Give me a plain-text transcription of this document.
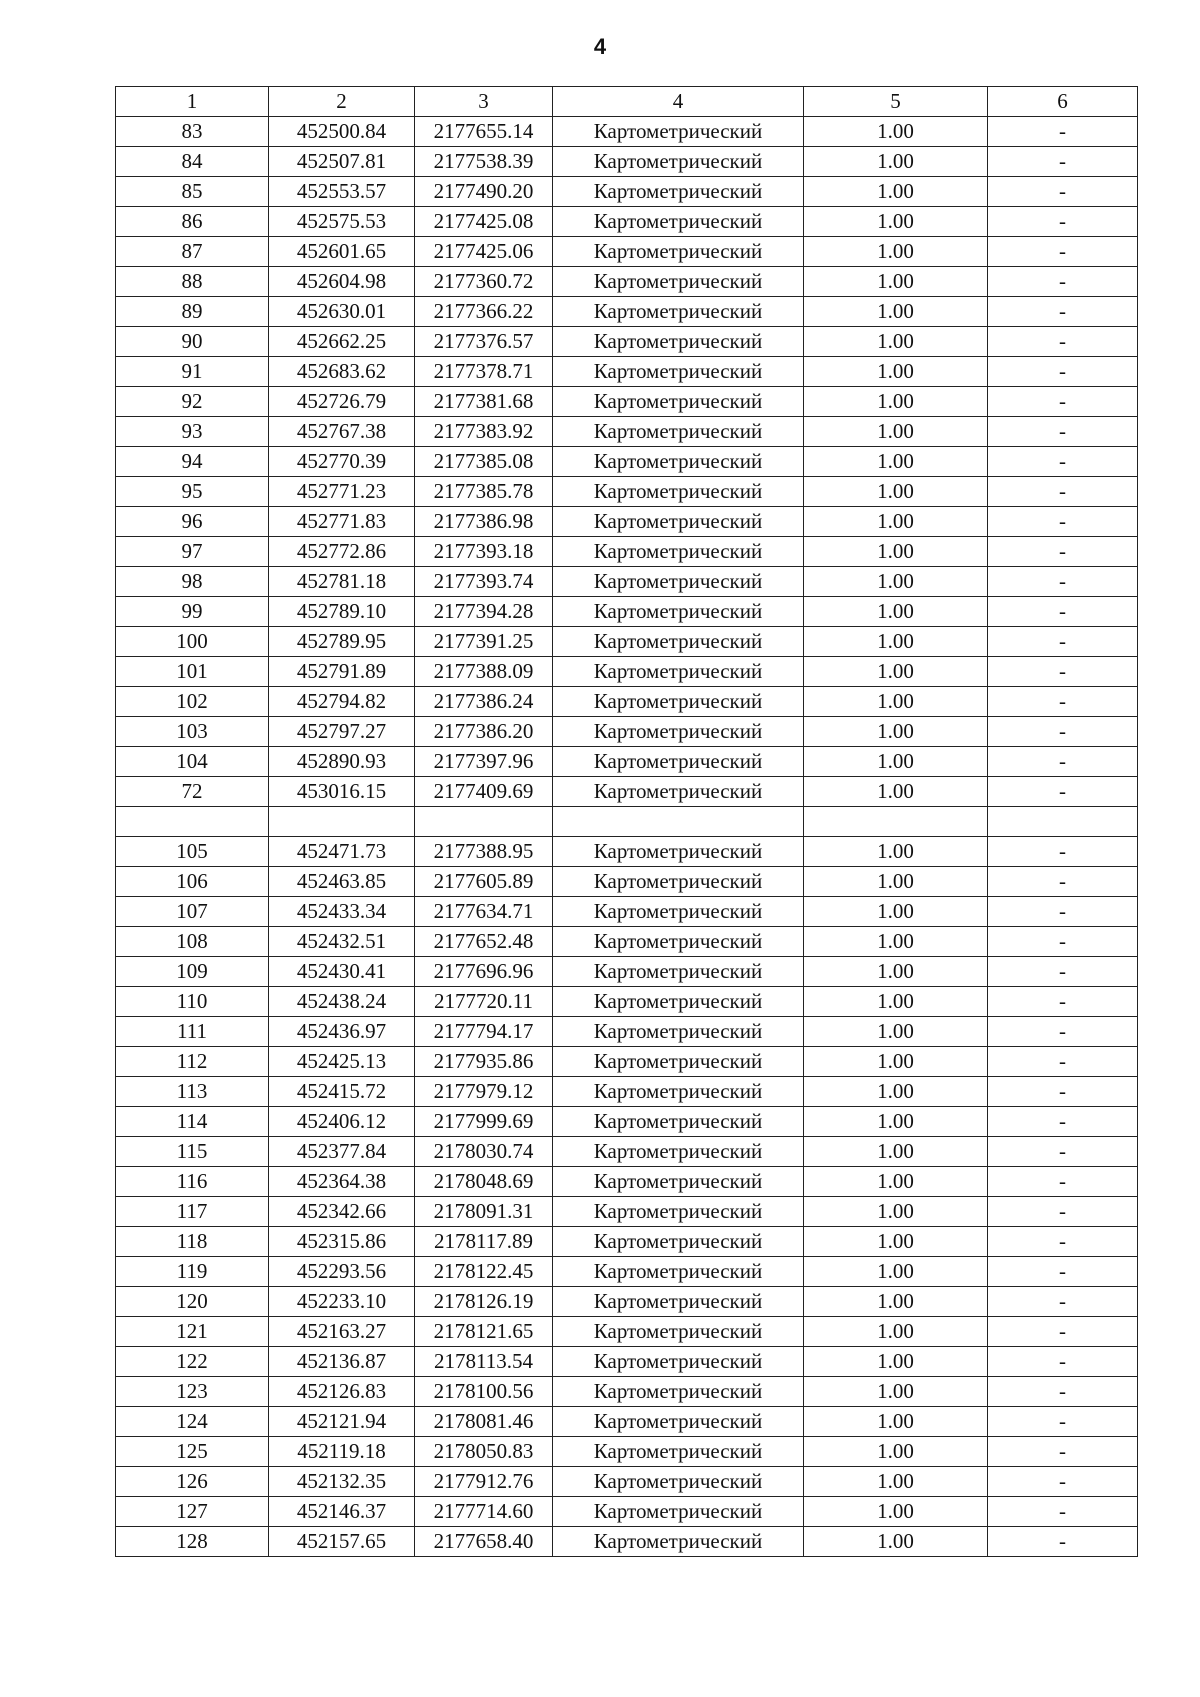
4
1	2	3	4	5	6
83	452500.84	2177655.14	Картометрический	1.00	-
84	452507.81	2177538.39	Картометрический	1.00	-
85	452553.57	2177490.20	Картометрический	1.00	-
86	452575.53	2177425.08	Картометрический	1.00	-
87	452601.65	2177425.06	Картометрический	1.00	-
88	452604.98	2177360.72	Картометрический	1.00	-
89	452630.01	2177366.22	Картометрический	1.00	-
90	452662.25	2177376.57	Картометрический	1.00	-
91	452683.62	2177378.71	Картометрический	1.00	-
92	452726.79	2177381.68	Картометрический	1.00	-
93	452767.38	2177383.92	Картометрический	1.00	-
94	452770.39	2177385.08	Картометрический	1.00	-
95	452771.23	2177385.78	Картометрический	1.00	-
96	452771.83	2177386.98	Картометрический	1.00	-
97	452772.86	2177393.18	Картометрический	1.00	-
98	452781.18	2177393.74	Картометрический	1.00	-
99	452789.10	2177394.28	Картометрический	1.00	-
100	452789.95	2177391.25	Картометрический	1.00	-
101	452791.89	2177388.09	Картометрический	1.00	-
102	452794.82	2177386.24	Картометрический	1.00	-
103	452797.27	2177386.20	Картометрический	1.00	-
104	452890.93	2177397.96	Картометрический	1.00	-
72	453016.15	2177409.69	Картометрический	1.00	-

105	452471.73	2177388.95	Картометрический	1.00	-
106	452463.85	2177605.89	Картометрический	1.00	-
107	452433.34	2177634.71	Картометрический	1.00	-
108	452432.51	2177652.48	Картометрический	1.00	-
109	452430.41	2177696.96	Картометрический	1.00	-
110	452438.24	2177720.11	Картометрический	1.00	-
111	452436.97	2177794.17	Картометрический	1.00	-
112	452425.13	2177935.86	Картометрический	1.00	-
113	452415.72	2177979.12	Картометрический	1.00	-
114	452406.12	2177999.69	Картометрический	1.00	-
115	452377.84	2178030.74	Картометрический	1.00	-
116	452364.38	2178048.69	Картометрический	1.00	-
117	452342.66	2178091.31	Картометрический	1.00	-
118	452315.86	2178117.89	Картометрический	1.00	-
119	452293.56	2178122.45	Картометрический	1.00	-
120	452233.10	2178126.19	Картометрический	1.00	-
121	452163.27	2178121.65	Картометрический	1.00	-
122	452136.87	2178113.54	Картометрический	1.00	-
123	452126.83	2178100.56	Картометрический	1.00	-
124	452121.94	2178081.46	Картометрический	1.00	-
125	452119.18	2178050.83	Картометрический	1.00	-
126	452132.35	2177912.76	Картометрический	1.00	-
127	452146.37	2177714.60	Картометрический	1.00	-
128	452157.65	2177658.40	Картометрический	1.00	-
